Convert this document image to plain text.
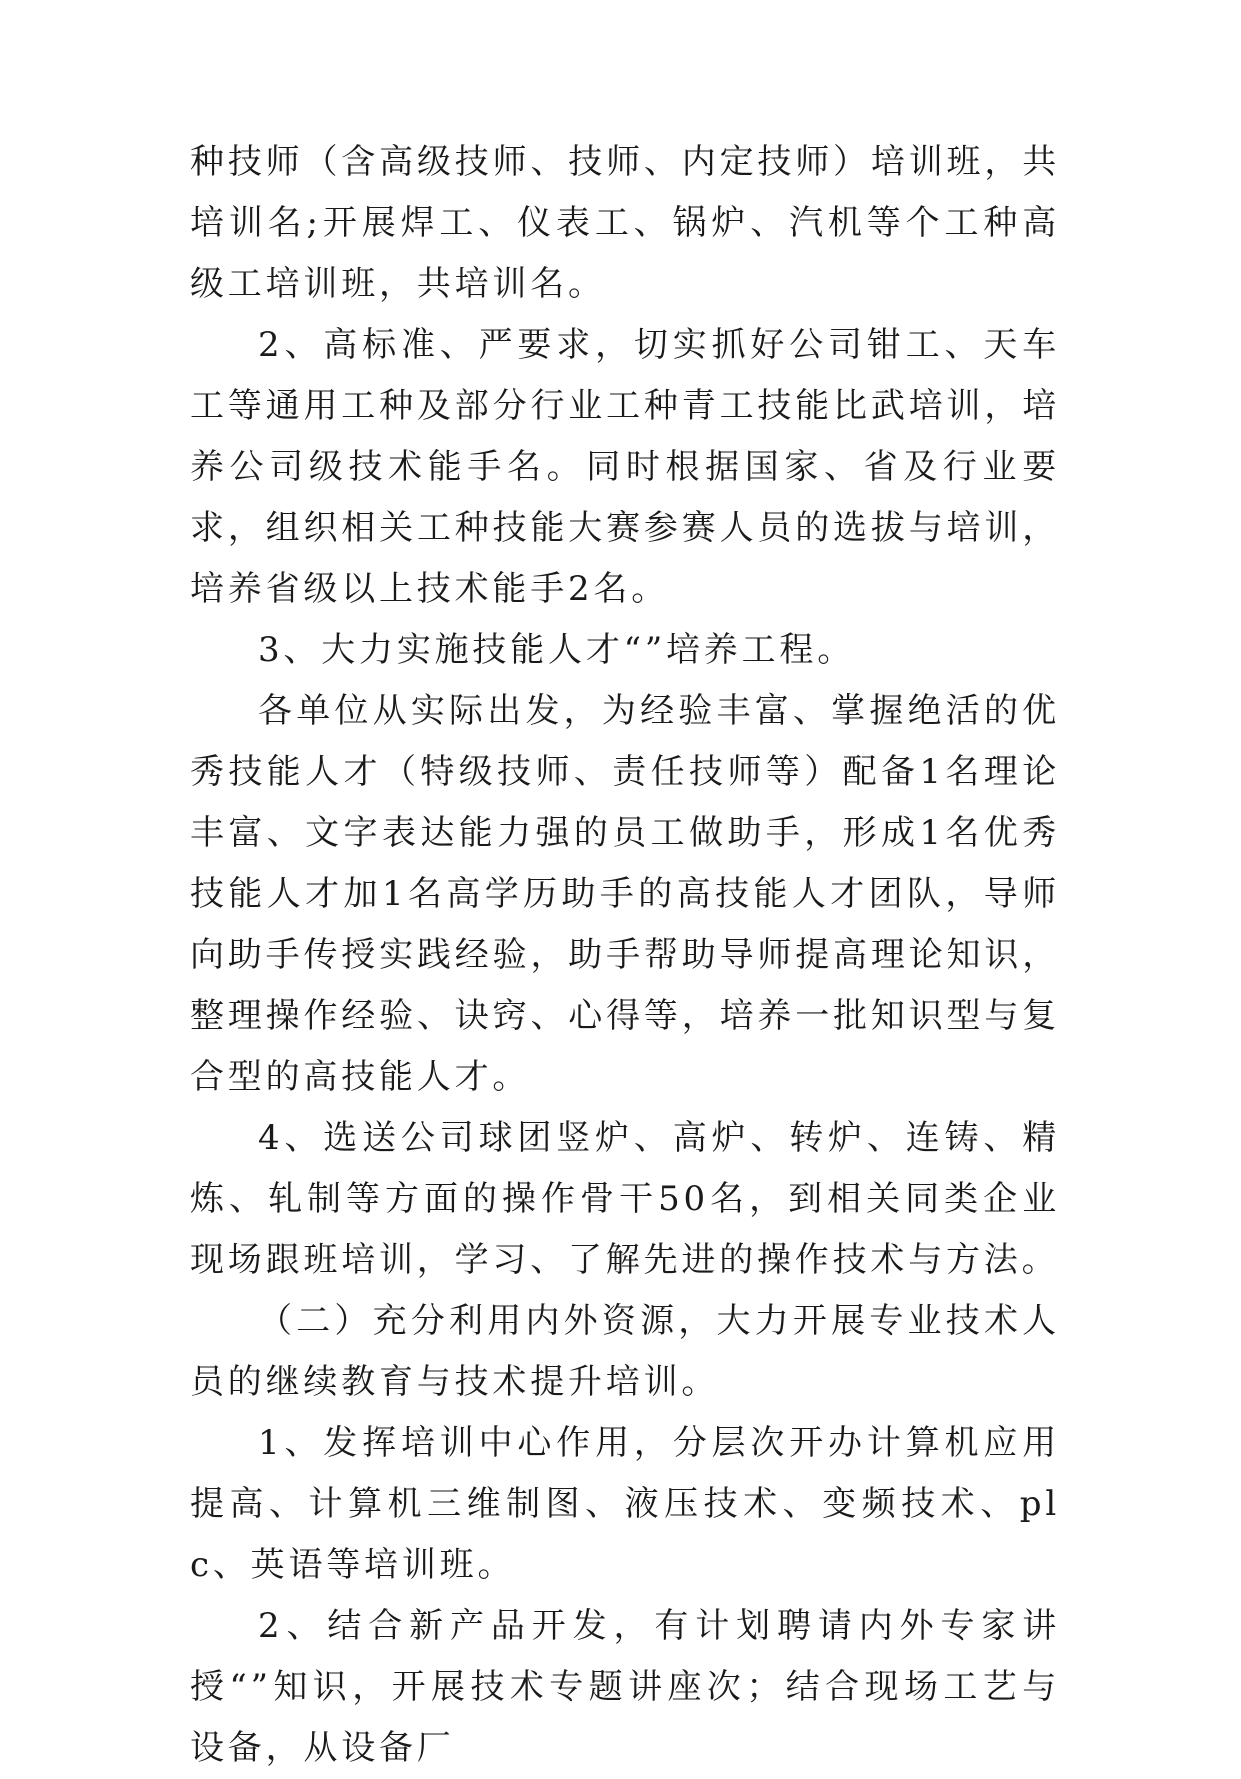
种技师（含高级技师、技师、内定技师）培训班，共培训名;开展焊工、仪表工、锅炉、汽机等个工种高级工培训班，共培训名。

2、高标准、严要求，切实抓好公司钳工、天车工等通用工种及部分行业工种青工技能比武培训，培养公司级技术能手名。同时根据国家、省及行业要求，组织相关工种技能大赛参赛人员的选拔与培训，培养省级以上技术能手2名。

3、大力实施技能人才“”培养工程。

各单位从实际出发，为经验丰富、掌握绝活的优秀技能人才（特级技师、责任技师等）配备1名理论丰富、文字表达能力强的员工做助手，形成1名优秀技能人才加1名高学历助手的高技能人才团队，导师向助手传授实践经验，助手帮助导师提高理论知识，整理操作经验、诀窍、心得等，培养一批知识型与复合型的高技能人才。

4、选送公司球团竖炉、高炉、转炉、连铸、精炼、轧制等方面的操作骨干50名，到相关同类企业现场跟班培训，学习、了解先进的操作技术与方法。

（二）充分利用内外资源，大力开展专业技术人员的继续教育与技术提升培训。

1、发挥培训中心作用，分层次开办计算机应用提高、计算机三维制图、液压技术、变频技术、plc、英语等培训班。

2、结合新产品开发，有计划聘请内外专家讲授“”知识，开展技术专题讲座次；结合现场工艺与设备，从设备厂
